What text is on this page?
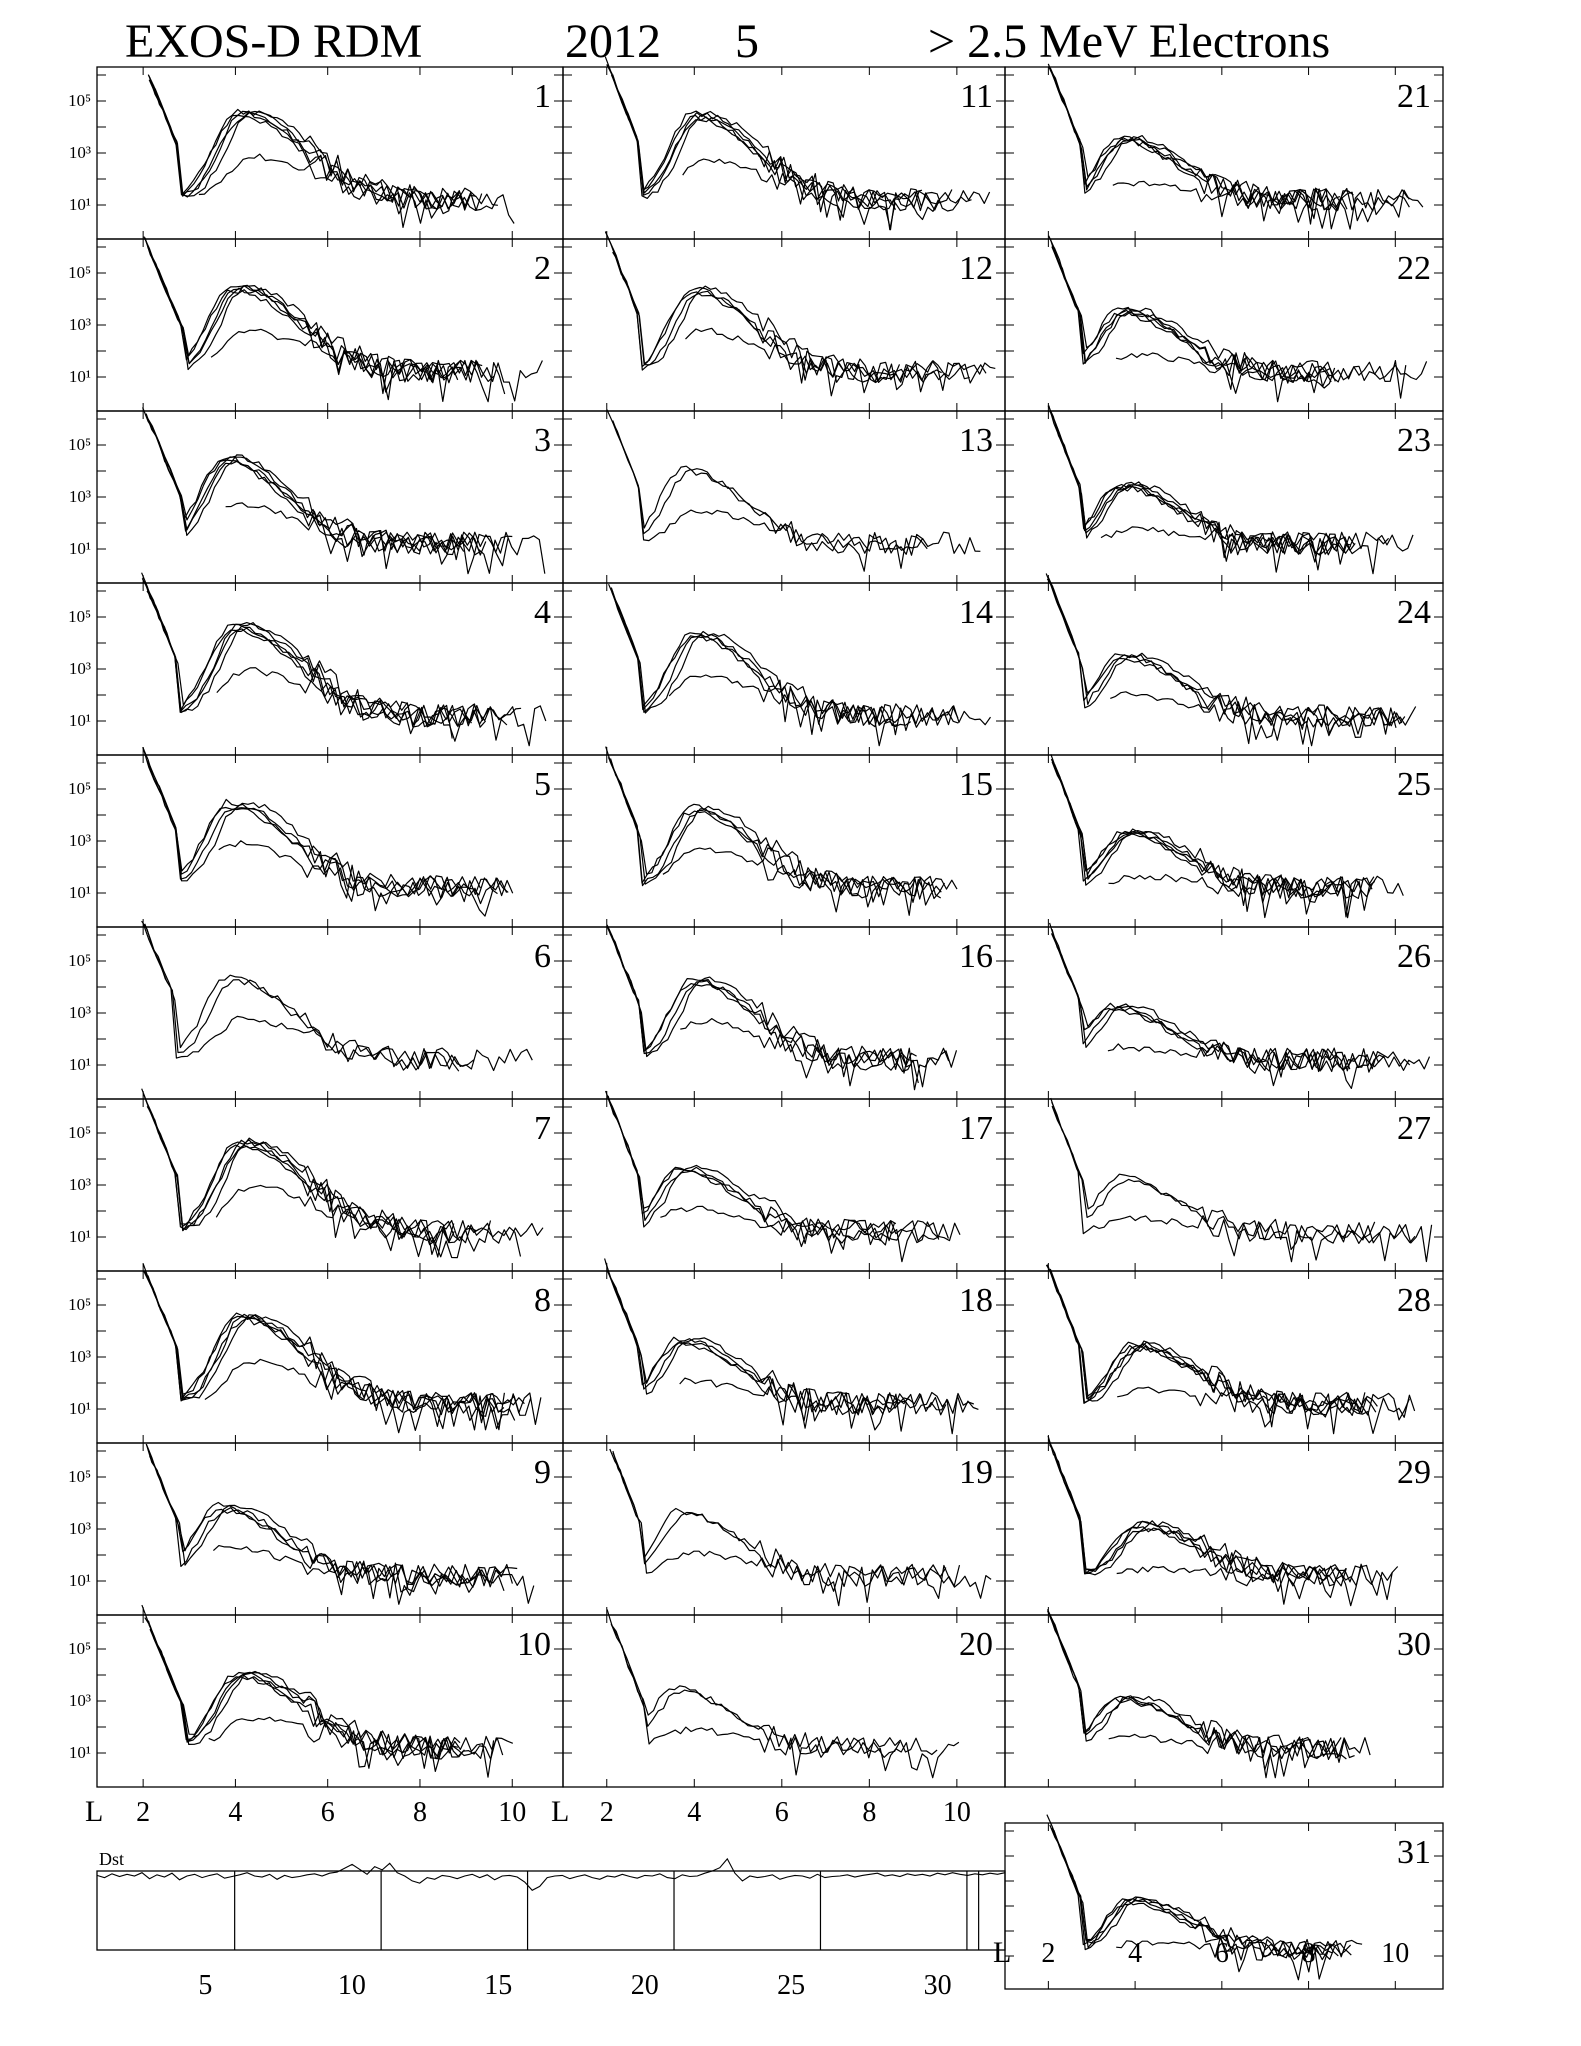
EXOS-D RDM	2012 5	> 2.5 MeV Electrons
10⁵
10³
10¹
1
10⁵
10³
10¹
2
10⁵
10³
10¹
3
10⁵
10³
10¹
4
10⁵
10³
10¹
5
10⁵
10³
10¹
6
10⁵
10³
10¹
7
10⁵
10³
10¹
8
10⁵
10³
10¹
9
10⁵
10³
10¹
10
11
12
13
14
15
16
17
18
19
20
21
22
23
24
25
26
27
28
29
30
31
L 2	4	6	8	10 L 2	4	6	8 10
L 2	4	6	8 10
Dst
5	10	15	20	25	30
